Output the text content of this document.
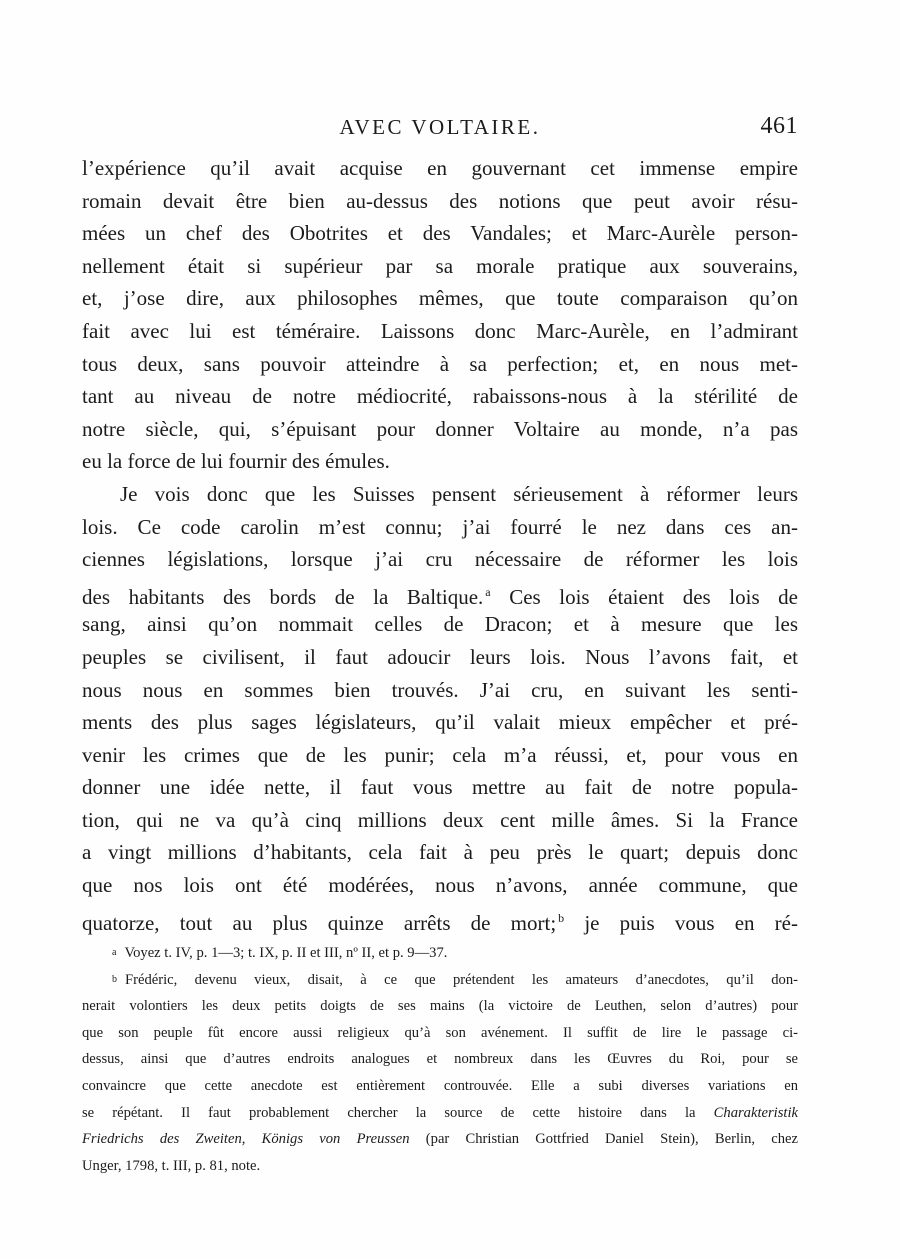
AVEC VOLTAIRE.	461
l’expérience qu’il avait acquise en gouvernant cet immense empire
romain devait être bien au-dessus des notions que peut avoir résu-
mées un chef des Obotrites et des Vandales; et Marc-Aurèle person-
nellement était si supérieur par sa morale pratique aux souverains,
et, j’ose dire, aux philosophes mêmes, que toute comparaison qu’on
fait avec lui est téméraire. Laissons donc Marc-Aurèle, en l’admirant
tous deux, sans pouvoir atteindre à sa perfection; et, en nous met-
tant au niveau de notre médiocrité, rabaissons-nous à la stérilité de
notre siècle, qui, s’épuisant pour donner Voltaire au monde, n’a pas
eu la force de lui fournir des émules.
Je vois donc que les Suisses pensent sérieusement à réformer leurs
lois. Ce code carolin m’est connu; j’ai fourré le nez dans ces an-
ciennes législations, lorsque j’ai cru nécessaire de réformer les lois
des habitants des bords de la Baltique. $^a$ Ces lois étaient des lois de
sang, ainsi qu’on nommait celles de Dracon; et à mesure que les
peuples se civilisent, il faut adoucir leurs lois. Nous l’avons fait, et
nous nous en sommes bien trouvés. J’ai cru, en suivant les senti-
ments des plus sages législateurs, qu’il valait mieux empêcher et pré-
venir les crimes que de les punir; cela m’a réussi, et, pour vous en
donner une idée nette, il faut vous mettre au fait de notre popula-
tion, qui ne va qu’à cinq millions deux cent mille âmes. Si la France
a vingt millions d’habitants, cela fait à peu près le quart; depuis donc
que nos lois ont été modérées, nous n’avons, année commune, que
quatorze, tout au plus quinze arrêts de mort; $^b$ je puis vous en ré-
a Voyez t. IV, p. 1—3; t. IX, p. II et III, nº II, et p. 9—37.
b Frédéric, devenu vieux, disait, à ce que prétendent les amateurs d’anecdotes, qu’il don-
nerait volontiers les deux petits doigts de ses mains (la victoire de Leuthen, selon d’autres) pour
que son peuple fût encore aussi religieux qu’à son avénement. Il suffit de lire le passage ci-
dessus, ainsi que d’autres endroits analogues et nombreux dans les Œuvres du Roi, pour se
convaincre que cette anecdote est entièrement controuvée. Elle a subi diverses variations en
se répétant. Il faut probablement chercher la source de cette histoire dans la Charakteristik
Friedrichs des Zweiten, Königs von Preussen (par Christian Gottfried Daniel Stein), Berlin, chez
Unger, 1798, t. III, p. 81, note.
